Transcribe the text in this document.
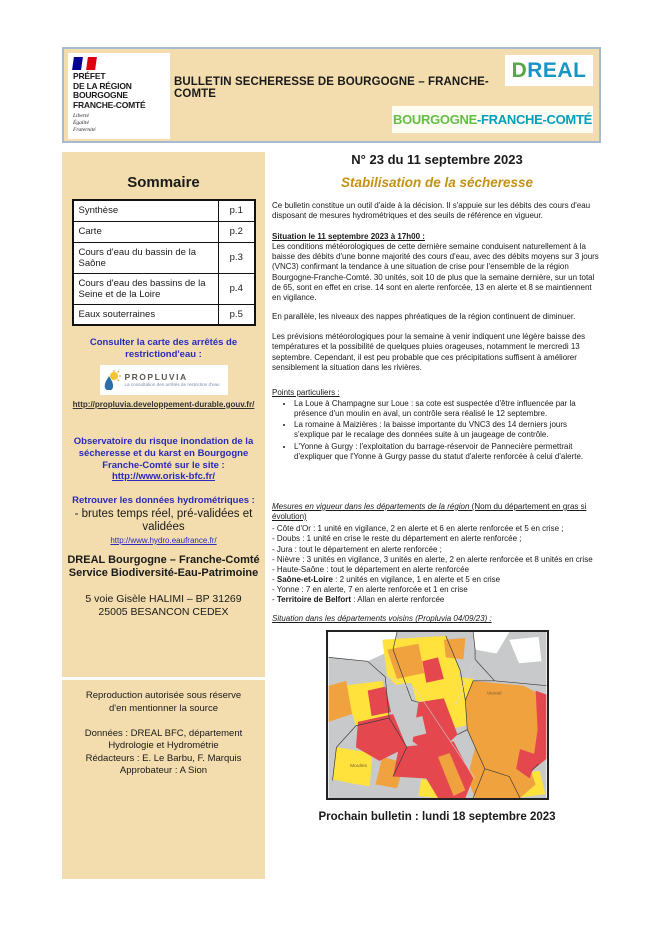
PRÉFET
DE LA RÉGION
BOURGOGNE
FRANCHE-COMTÉ
Liberté
Égalité
Fraternité
BULLETIN SECHERESSE DE BOURGOGNE – FRANCHE-COMTE
D REAL
BOURGOGNE -FRANCHE-COMTÉ
Sommaire
Synthèse	p.1
Carte	p.2
Cours d'eau du bassin de la Saône	p.3
Cours d'eau des bassins de la Seine et de la Loire	p.4
Eaux souterraines	p.5
Consulter la carte des arrêtés de restrictiond'eau :
PROPLUVIA
La consultation des arrêtés de restriction d'eau
http://propluvia.developpement-durable.gouv.fr/
Observatoire du risque inondation de la sécheresse et du karst en Bourgogne Franche-Comté sur le site :
http://www.orisk-bfc.fr/
Retrouver les données hydrométriques :
- brutes temps réel, pré-validées et validées
http://www.hydro.eaufrance.fr/
DREAL Bourgogne – Franche-Comté
Service Biodiversité-Eau-Patrimoine
5 voie Gisèle HALIMI – BP 31269
25005 BESANCON CEDEX
Reproduction autorisée sous réserve d'en mentionner la source
Données : DREAL BFC, département Hydrologie et Hydrométrie
Rédacteurs : E. Le Barbu, F. Marquis
Approbateur : A Sion
N° 23 du 11 septembre 2023
Stabilisation de la sécheresse

Ce bulletin constitue un outil d'aide à la décision. Il s'appuie sur les débits des cours d'eau disposant de mesures hydrométriques et des seuils de référence en vigueur.

Situation le 11 septembre 2023 à 17h00 :

Les conditions météorologiques de cette dernière semaine conduisent naturellement à la baisse des débits d'une bonne majorité des cours d'eau, avec des débits moyens sur 3 jours (VNC3) confirmant la tendance à une situation de crise pour l'ensemble de la région Bourgogne-Franche-Comté. 30 unités, soit 10 de plus que la semaine dernière, sur un total de 65, sont en effet en crise. 14 sont en alerte renforcée, 13 en alerte et 8 se maintiennent en vigilance.

En parallèle, les niveaux des nappes phréatiques de la région continuent de diminuer.

Les prévisions météorologiques pour la semaine à venir indiquent une légère baisse des températures et la possibilité de quelques pluies orageuses, notamment le mercredi 13 septembre. Cependant, il est peu probable que ces précipitations suffisent à améliorer sensiblement la situation dans les rivières.

Points particuliers :
• La Loue à Champagne sur Loue : sa cote est suspectée d'être influencée par la présence d'un moulin en aval, un contrôle sera réalisé le 12 septembre.
• La romaine à Maizières : la baisse importante du VNC3 des 14 derniers jours s'explique par le recalage des données suite à un jaugeage de contrôle.
• L'Yonne à Gurgy : l'exploitation du barrage-réservoir de Pannecière permettrait d'expliquer que l'Yonne à Gurgy passe du statut d'alerte renforcée à celui d'alerte.
Mesures en vigueur dans les départements de la région (Nom du département en gras si évolution)
- Côte d'Or : 1 unité en vigilance, 2 en alerte et 6 en alerte renforcée et 5 en crise ;
- Doubs : 1 unité en crise le reste du département en alerte renforcée ;
- Jura : tout le département en alerte renforcée ;
- Nièvre : 3 unités en vigilance, 3 unités en alerte, 2 en alerte renforcée et 8 unités en crise
- Haute-Saône : tout le département en alerte renforcée
- Saône-et-Loire : 2 unités en vigilance, 1 en alerte et 5 en crise
- Yonne : 7 en alerte, 7 en alerte renforcée et 1 en crise
- Territoire de Belfort : Allan en alerte renforcée
Situation dans les départements voisins (Propluvia 04/09/23) :
Vesoul
Moulins
Prochain bulletin : lundi 18 septembre 2023
